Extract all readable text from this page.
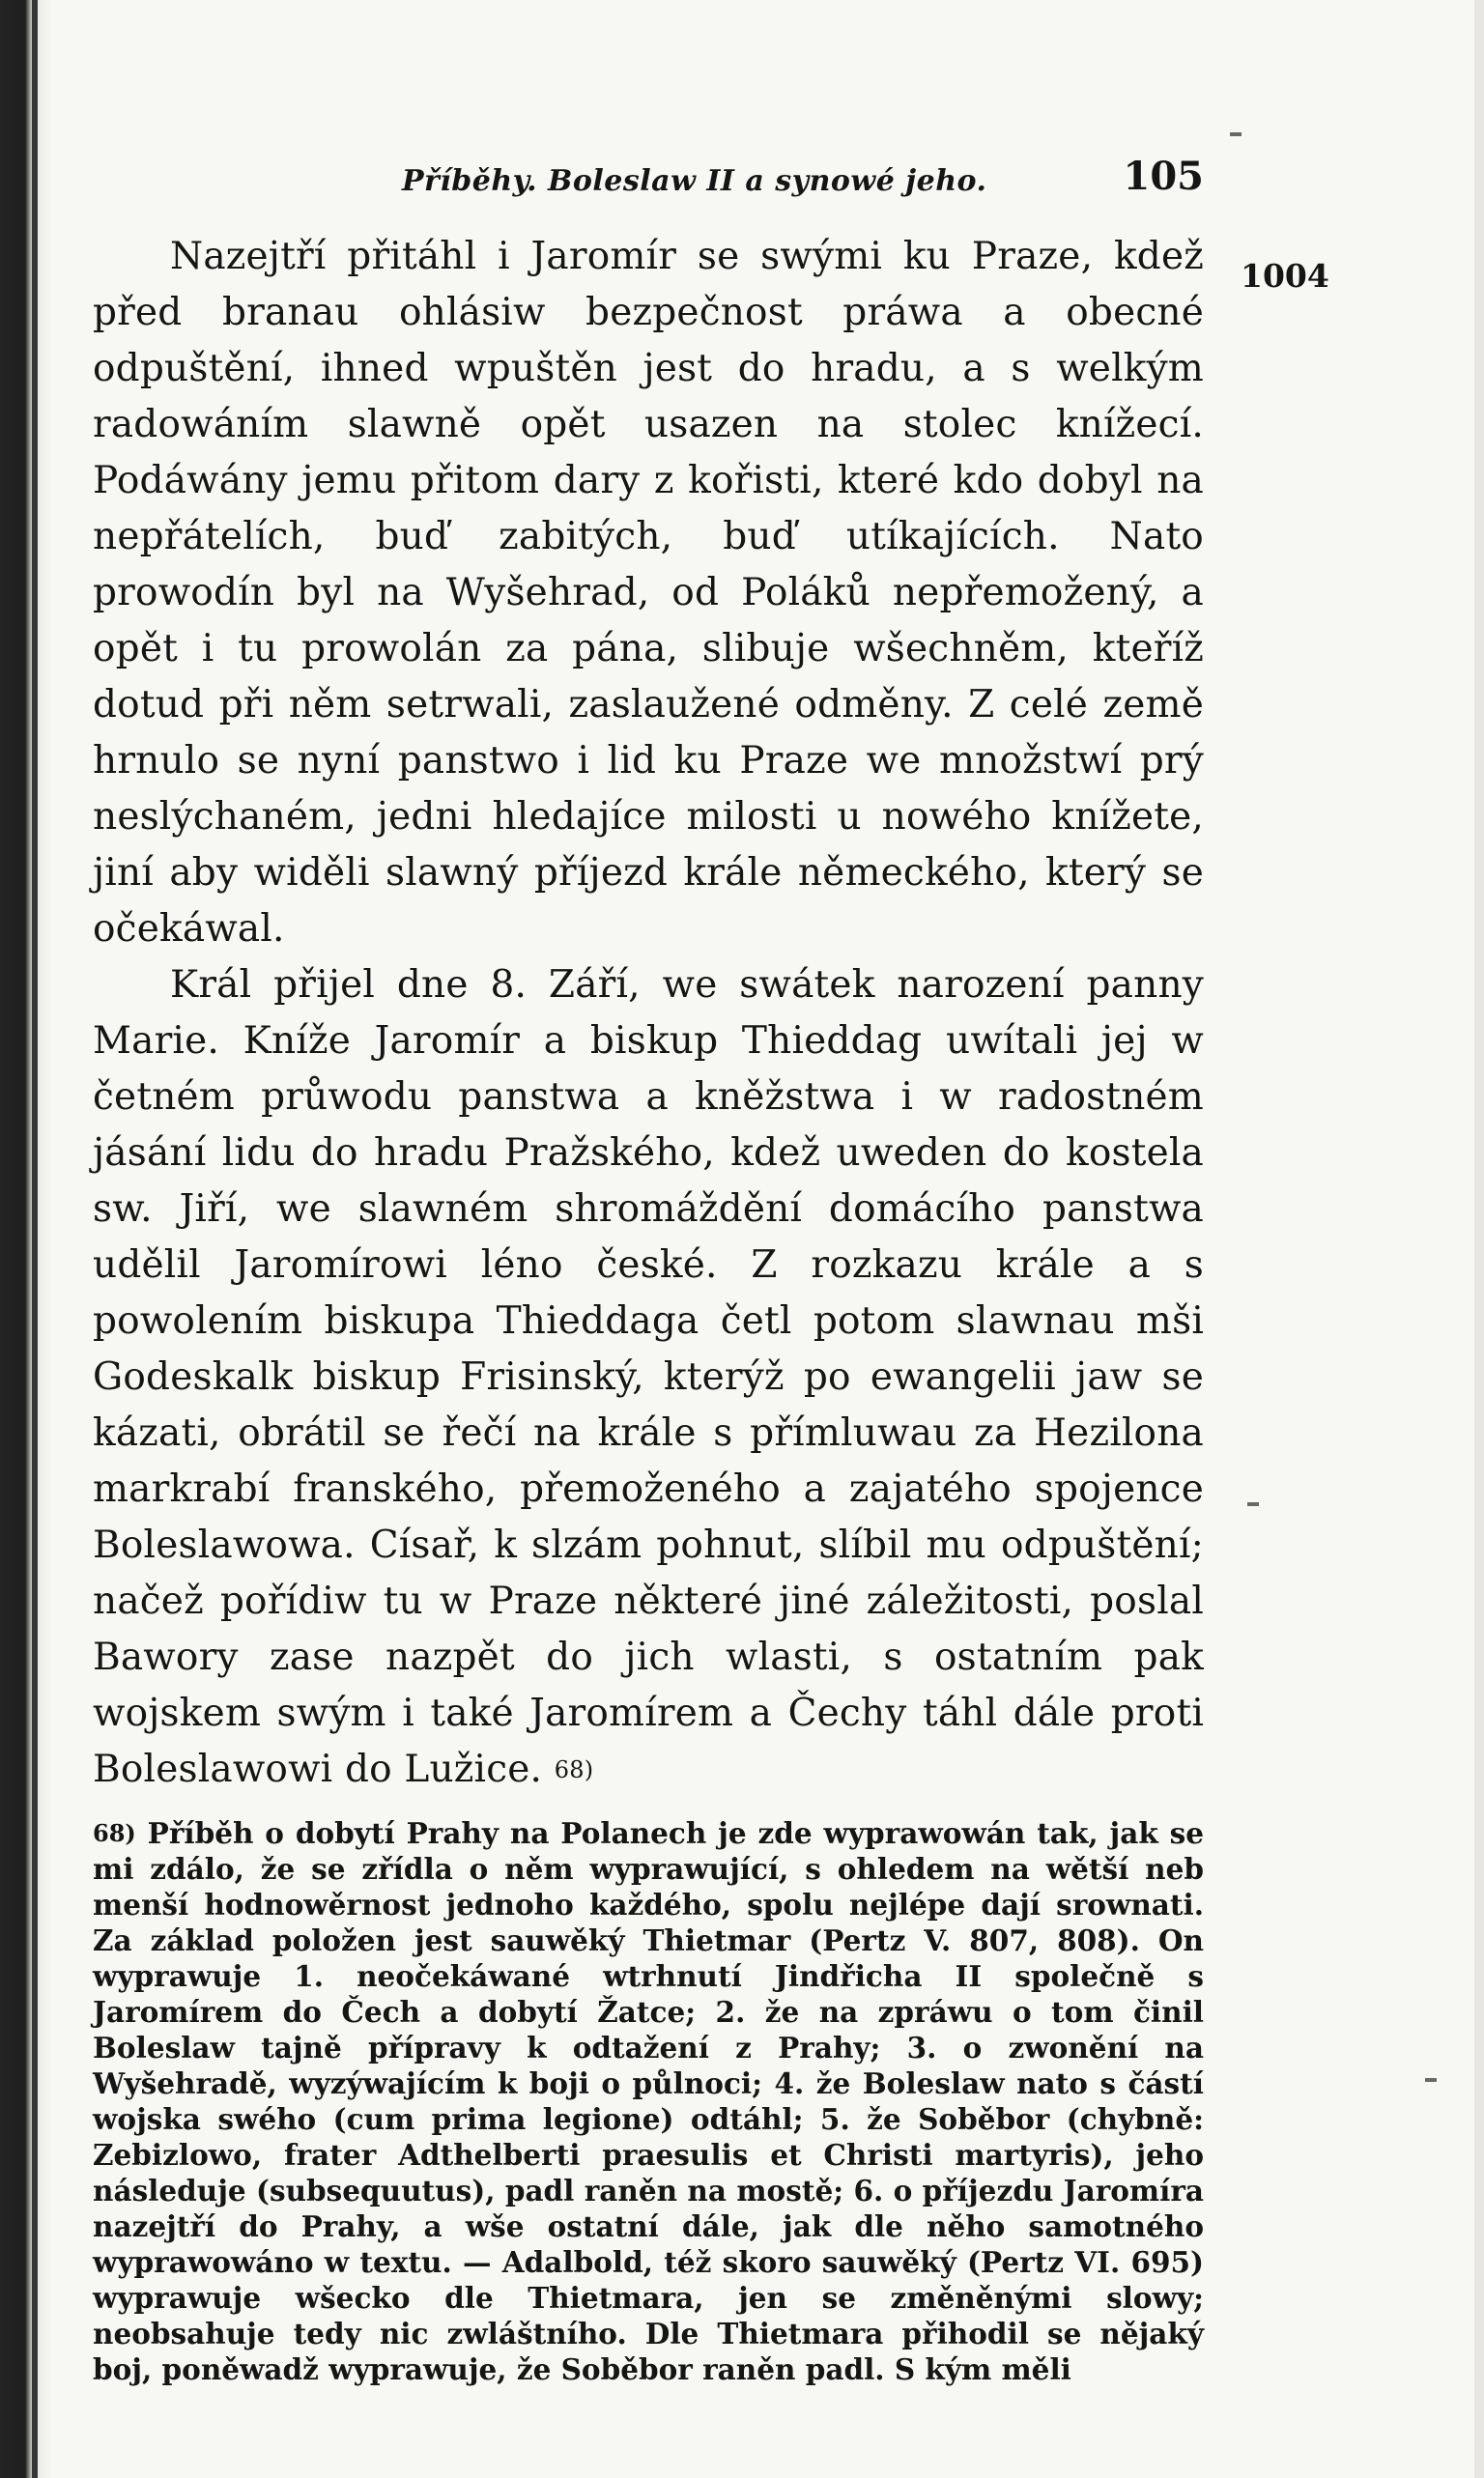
1004
Příběhy. Boleslaw II a synowé jeho.	105

Nazejtří přitáhl i Jaromír se swými ku Praze, kdež před branau ohlásiw bezpečnost práwa a obecné odpuštění, ihned wpuštěn jest do hradu, a s welkým radowáním slawně opět usazen na stolec knížecí. Podáwány jemu přitom dary z kořisti, které kdo dobyl na nepřátelích, buď zabitých, buď utíkajících. Nato prowodín byl na Wyšehrad, od Poláků nepřemožený, a opět i tu prowolán za pána, slibuje wšechněm, kteříž dotud při něm setrwali, zaslaužené odměny. Z celé země hrnulo se nyní panstwo i lid ku Praze we množstwí prý neslýchaném, jedni hledajíce milosti u nowého knížete, jiní aby widěli slawný příjezd krále německého, který se očekáwal.

Král přijel dne 8. Září, we swátek narození panny Marie. Kníže Jaromír a biskup Thieddag uwítali jej w četném průwodu panstwa a kněžstwa i w radostném jásání lidu do hradu Pražského, kdež uweden do kostela sw. Jiří, we slawném shromáždění domácího panstwa udělil Jaromírowi léno české. Z rozkazu krále a s powolením biskupa Thieddaga četl potom slawnau mši Godeskalk biskup Frisinský, kterýž po ewangelii jaw se kázati, obrátil se řečí na krále s přímluwau za Hezilona markrabí franského, přemoženého a zajatého spojence Boleslawowa. Císař, k slzám pohnut, slíbil mu odpuštění; načež pořídiw tu w Praze některé jiné záležitosti, poslal Bawory zase nazpět do jich wlasti, s ostatním pak wojskem swým i také Jaromírem a Čechy táhl dále proti Boleslawowi do Lužice. $^{68)}$

$^{68)}$ Příběh o dobytí Prahy na Polanech je zde wyprawowán tak, jak se mi zdálo, že se zřídla o něm wyprawující, s ohledem na wětší neb menší hodnowěrnost jednoho každého, spolu nejlépe dají srownati. Za základ položen jest sauwěký Thietmar (Pertz V. 807, 808). On wyprawuje 1. neočekáwané wtrhnutí Jindřicha II společně s Jaromírem do Čech a dobytí Žatce; 2. že na zpráwu o tom činil Boleslaw tajně přípravy k odtažení z Prahy; 3. o zwonění na Wyšehradě, wyzýwajícím k boji o půlnoci; 4. že Boleslaw nato s částí wojska swého (cum prima legione) odtáhl; 5. že Soběbor (chybně: Zebizlowo, frater Adthelberti praesulis et Christi martyris), jeho následuje (subsequutus), padl raněn na mostě; 6. o příjezdu Jaromíra nazejtří do Prahy, a wše ostatní dále, jak dle něho samotného wyprawowáno w textu. — Adalbold, též skoro sauwěký (Pertz VI. 695) wyprawuje wšecko dle Thietmara, jen se změněnými slowy; neobsahuje tedy nic zwláštního. Dle Thietmara přihodil se nějaký boj, poněwadž wyprawuje, že Soběbor raněn padl. S kým měli
